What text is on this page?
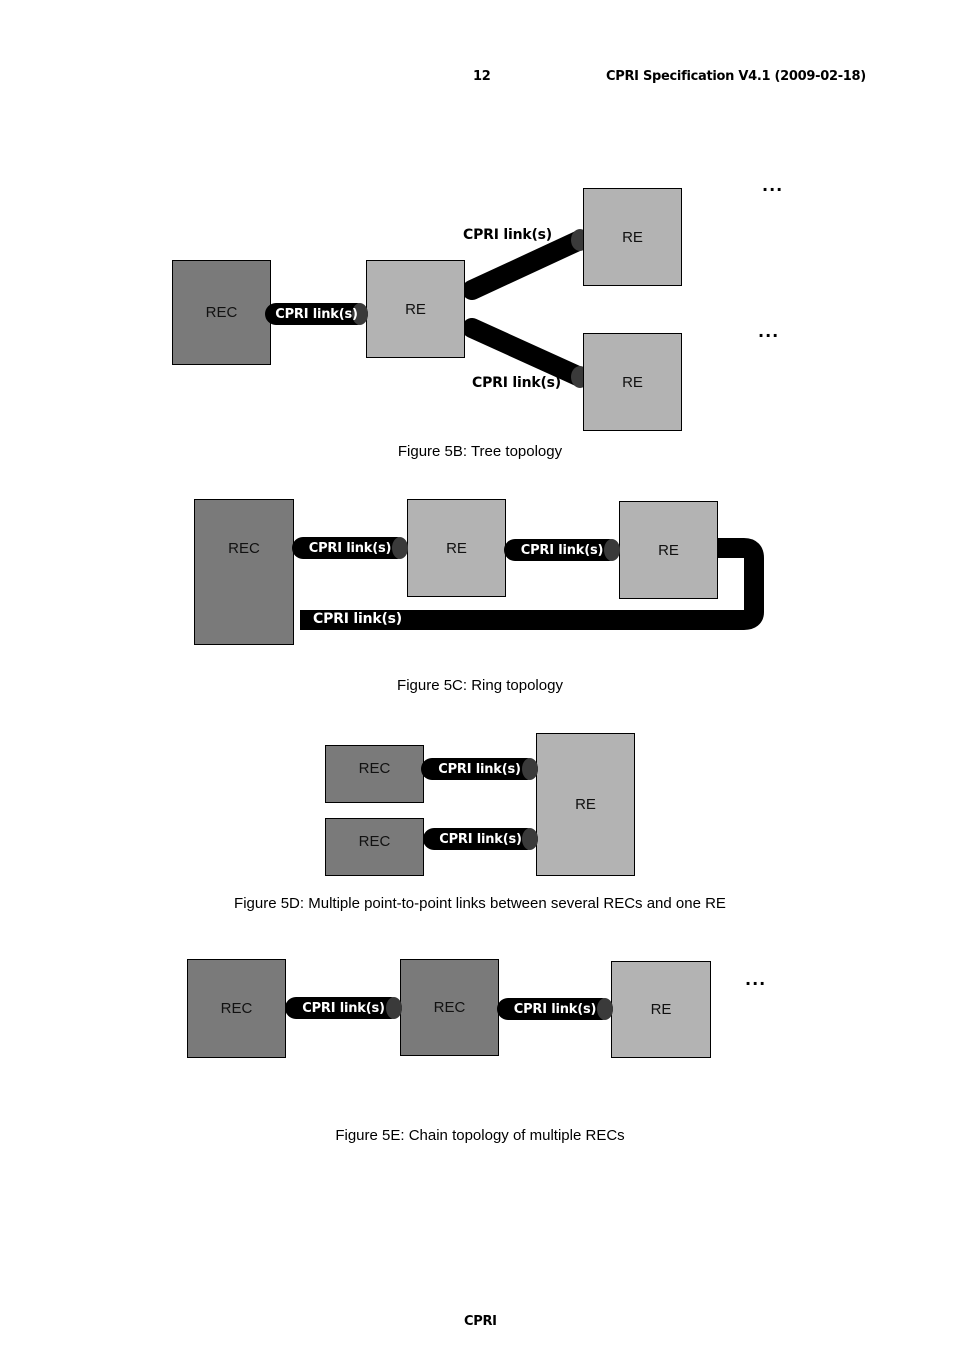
12	CPRI Specification V4.1 (2009-02-18)
REC	RE
RE
RE
CPRI link(s)
CPRI link(s)
CPRI link(s)
...
...
Figure 5B: Tree topology
REC	RE	RE
CPRI link(s)	CPRI link(s)
CPRI link(s)
Figure 5C: Ring topology
REC
REC
RE
CPRI link(s)
CPRI link(s)
Figure 5D: Multiple point-to-point links between several RECs and one RE
REC	REC	RE
CPRI link(s)	CPRI link(s)
...
Figure 5E: Chain topology of multiple RECs
CPRI
